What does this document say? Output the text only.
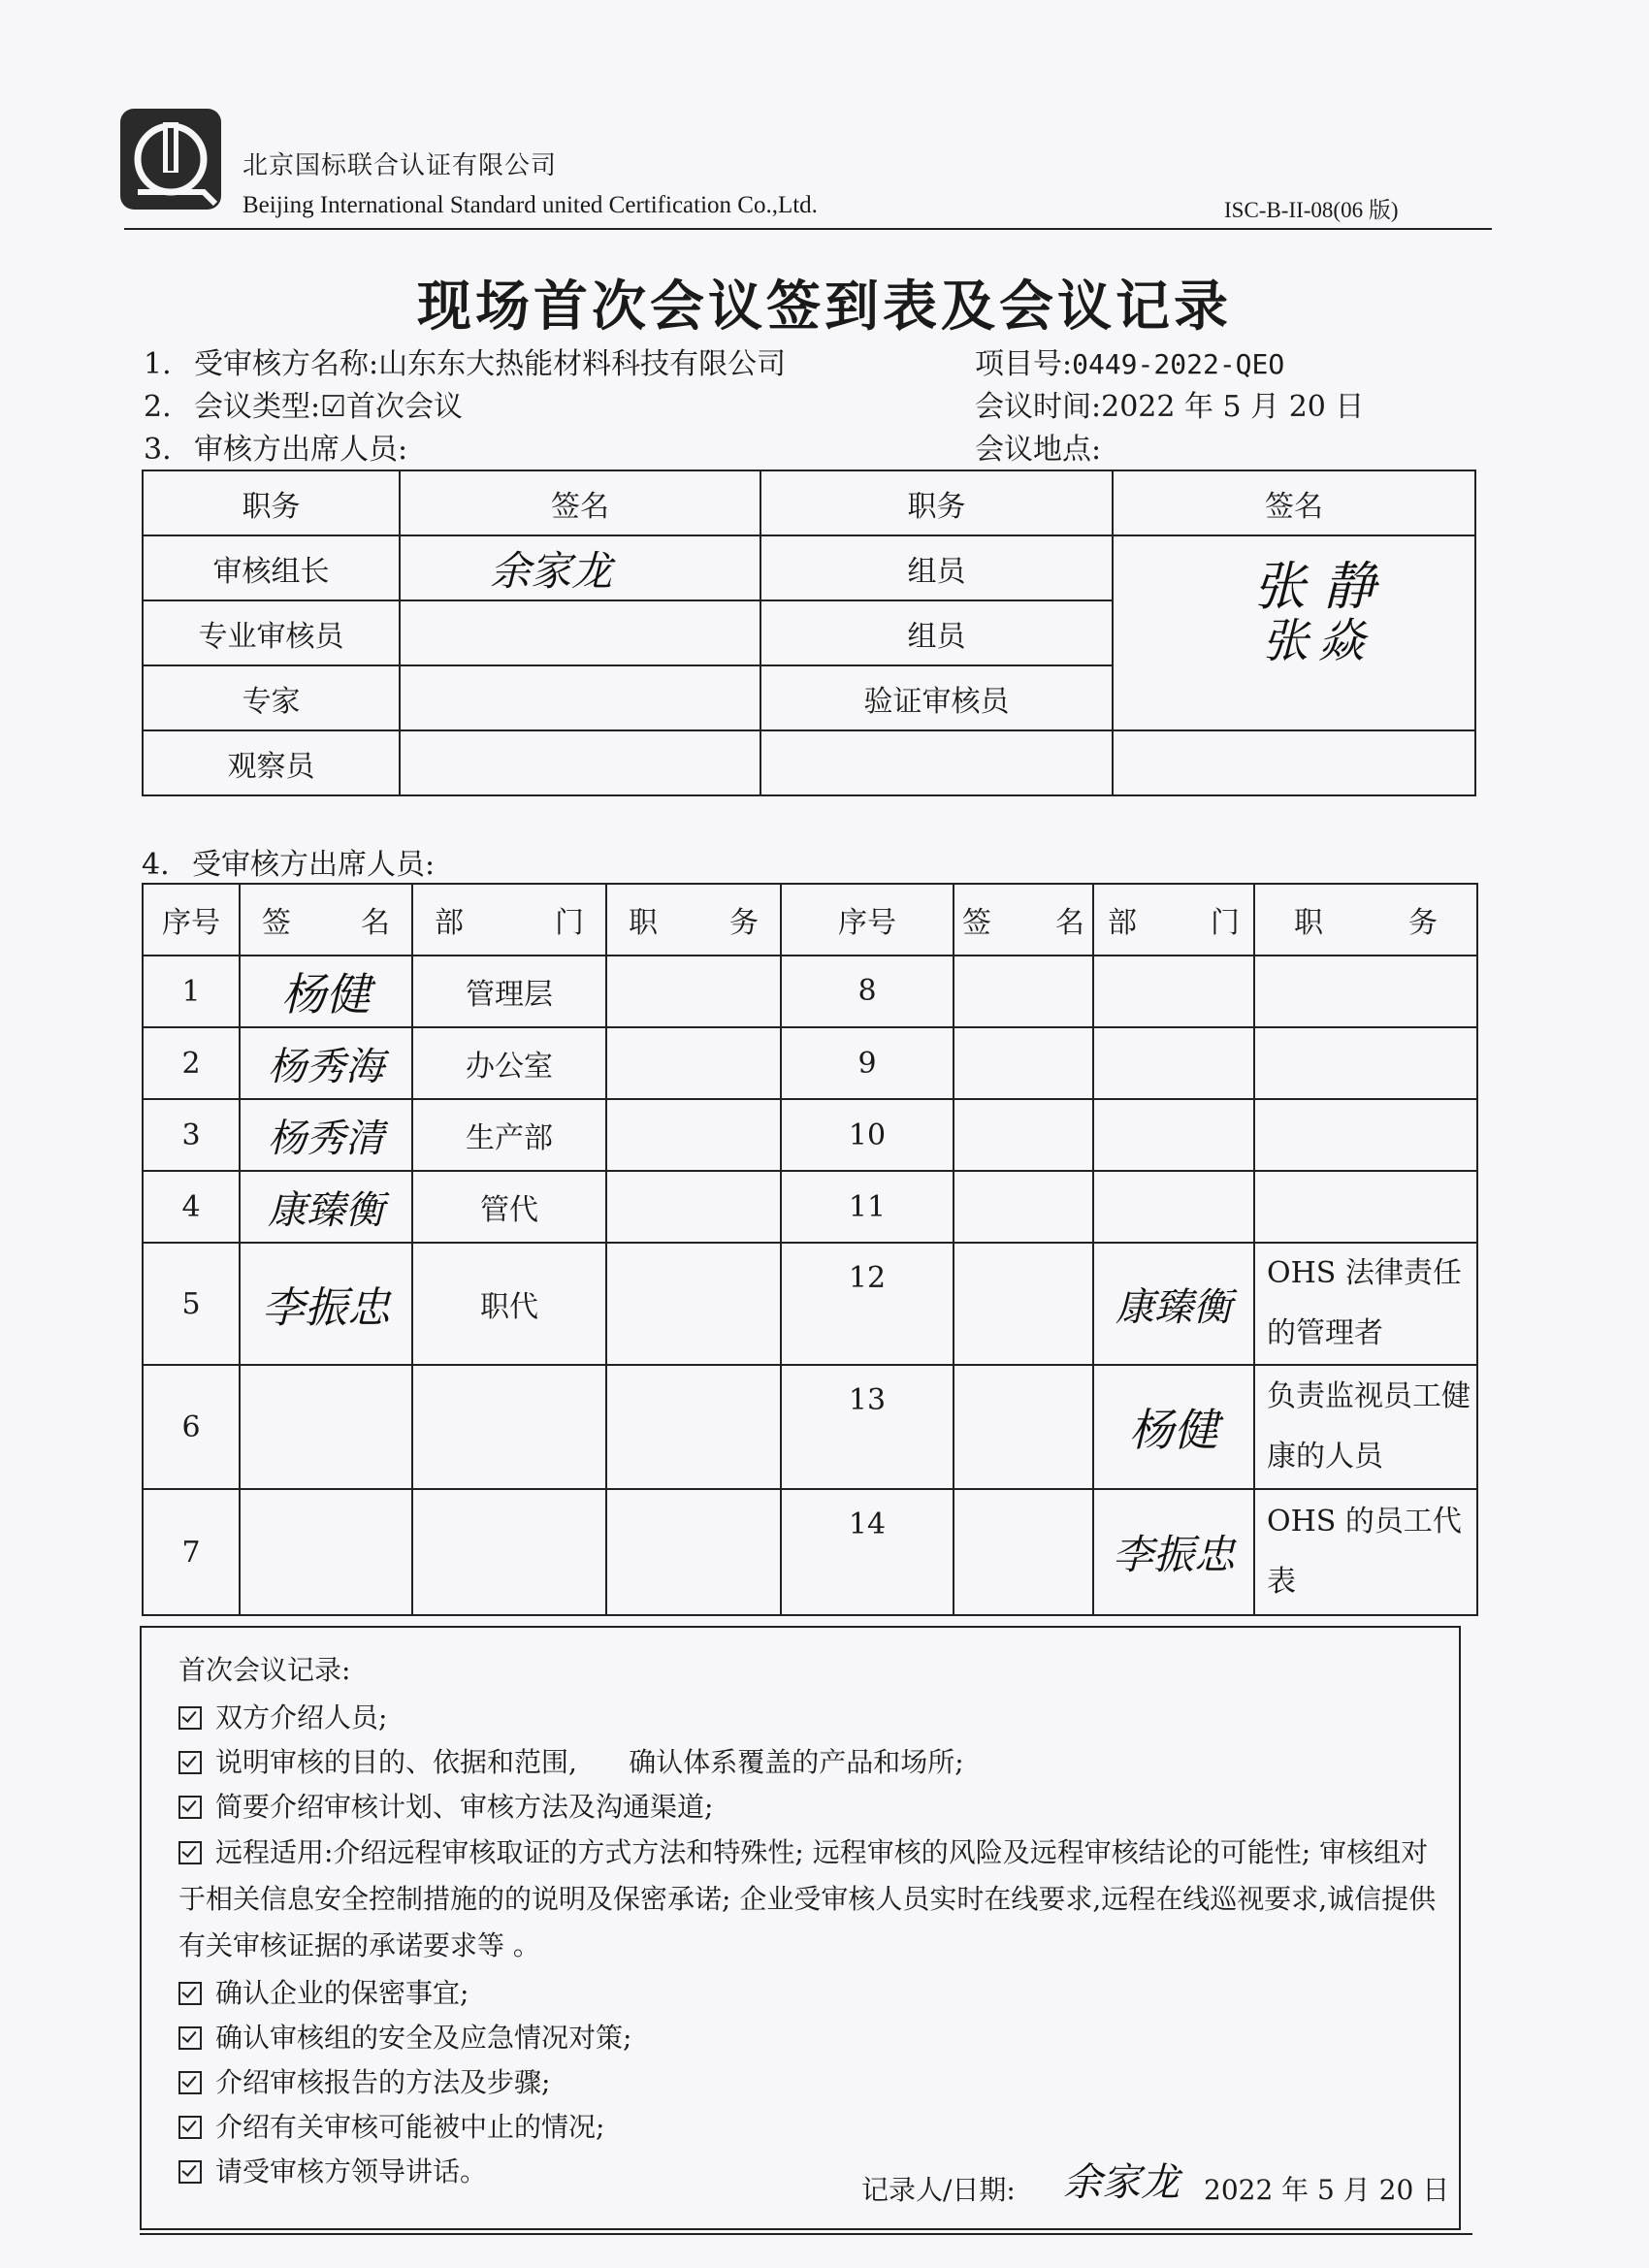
北京国标联合认证有限公司
Beijing International Standard united Certification Co.,Ltd.	ISC-B-II-08(06 版)
现场首次会议签到表及会议记录
1. 受审核方名称:山东东大热能材料科技有限公司	项目号:0449-2022-QEO
2. 会议类型:☑首次会议	会议时间:2022 年 5 月 20 日
3. 审核方出席人员:	会议地点:
职务	签名	职务	签名
审核组长	余家龙	组员	张静
张焱

专业审核员		组员	
专家		验证审核员	
观察员			
4. 受审核方出席人员:
序号	签 名	部 门	职 务	序号	签 名	部 门	职 务

1	杨健	管理层		8			
2	杨秀海	办公室		9			
3	杨秀清	生产部		10			
4	康臻衡	管代		11			
5	李振忠	职代		12		康臻衡	OHS 法律责任的管理者
6				13		杨健	负责监视员工健康的人员
7				14		李振忠	OHS 的员工代表
首次会议记录:
双方介绍人员;
说明审核的目的、依据和范围,      确认体系覆盖的产品和场所;
简要介绍审核计划、审核方法及沟通渠道;
远程适用:介绍远程审核取证的方式方法和特殊性; 远程审核的风险及远程审核结论的可能性; 审核组对于相关信息安全控制措施的的说明及保密承诺; 企业受审核人员实时在线要求,远程在线巡视要求,诚信提供有关审核证据的承诺要求等 。
确认企业的保密事宜;
确认审核组的安全及应急情况对策;
介绍审核报告的方法及步骤;
介绍有关审核可能被中止的情况;
请受审核方领导讲话。
记录人/日期: 余家龙 2022 年 5 月 20 日
